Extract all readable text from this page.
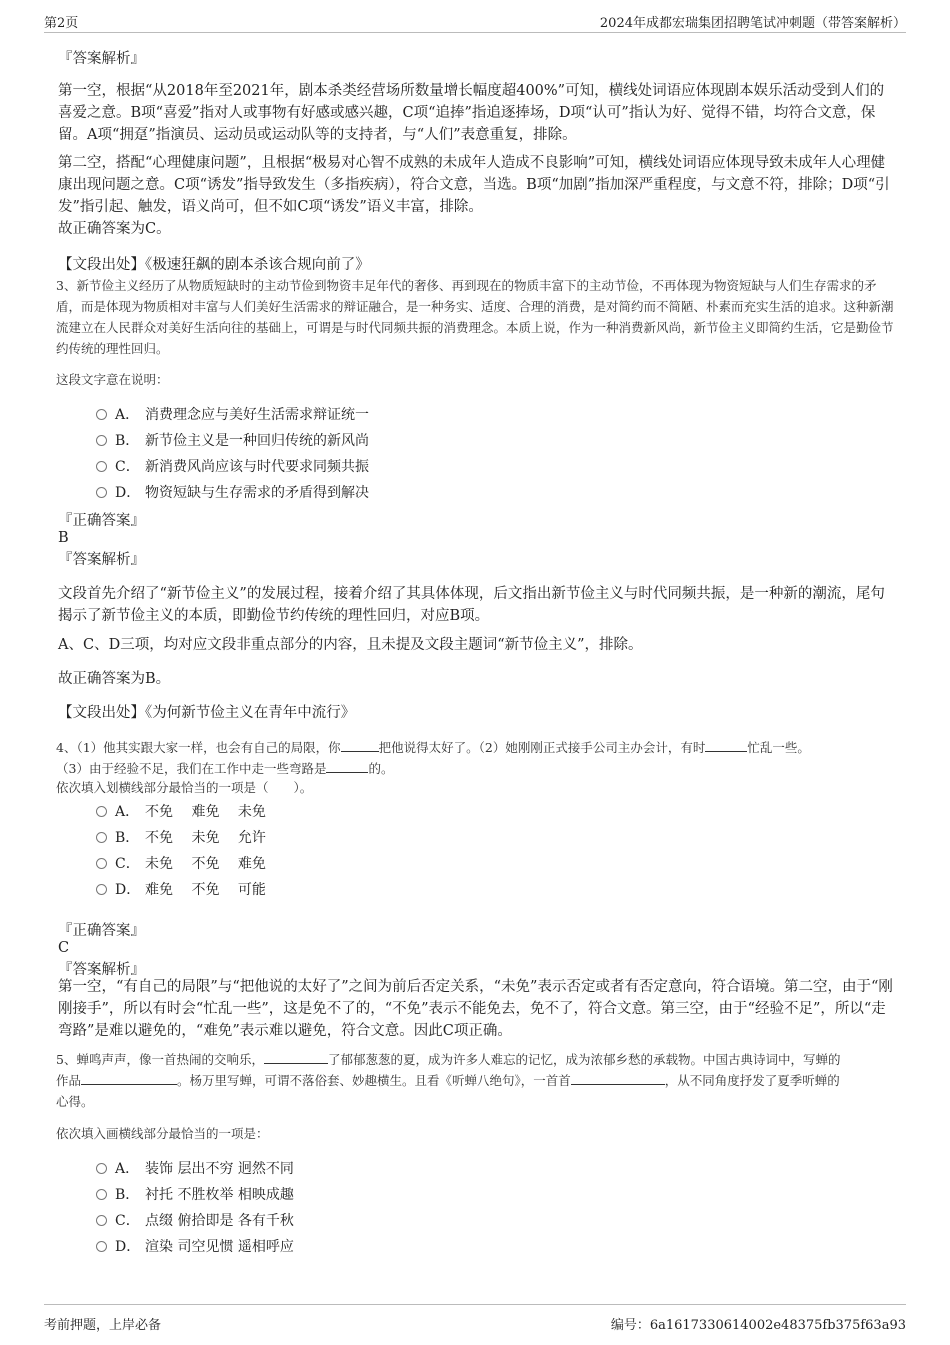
第2页	2024年成都宏瑞集团招聘笔试冲刺题（带答案解析）

『答案解析』

第一空，根据“从2018年至2021年，剧本杀类经营场所数量增长幅度超400%”可知，横线处词语应体现剧本娱乐活动受到人们的喜爱之意。B项“喜爱”指对人或事物有好感或感兴趣，C项“追捧”指追逐捧场，D项“认可”指认为好、觉得不错，均符合文意，保留。A项“拥趸”指演员、运动员或运动队等的支持者，与“人们”表意重复，排除。

第二空，搭配“心理健康问题”，且根据“极易对心智不成熟的未成年人造成不良影响”可知，横线处词语应体现导致未成年人心理健康出现问题之意。C项“诱发”指导致发生（多指疾病），符合文意，当选。B项“加剧”指加深严重程度，与文意不符，排除；D项“引发”指引起、触发，语义尚可，但不如C项“诱发”语义丰富，排除。

故正确答案为C。

【文段出处】《极速狂飙的剧本杀该合规向前了》

3、新节俭主义经历了从物质短缺时的主动节俭到物资丰足年代的奢侈、再到现在的物质丰富下的主动节俭，不再体现为物资短缺与人们生存需求的矛盾，而是体现为物质相对丰富与人们美好生活需求的辩证融合，是一种务实、适度、合理的消费，是对简约而不简陋、朴素而充实生活的追求。这种新潮流建立在人民群众对美好生活向往的基础上，可谓是与时代同频共振的消费理念。本质上说，作为一种消费新风尚，新节俭主义即简约生活，它是勤俭节约传统的理性回归。

这段文字意在说明：

A． 消费理念应与美好生活需求辩证统一
B． 新节俭主义是一种回归传统的新风尚
C． 新消费风尚应该与时代要求同频共振
D． 物资短缺与生存需求的矛盾得到解决

『正确答案』

B

『答案解析』

文段首先介绍了“新节俭主义”的发展过程，接着介绍了其具体体现，后文指出新节俭主义与时代同频共振，是一种新的潮流，尾句揭示了新节俭主义的本质，即勤俭节约传统的理性回归，对应B项。

A、C、D三项，均对应文段非重点部分的内容，且未提及文段主题词“新节俭主义”，排除。

故正确答案为B。

【文段出处】《为何新节俭主义在青年中流行》

4、（1）他其实跟大家一样，也会有自己的局限，你	把他说得太好了。（2）她刚刚正式接手公司主办会计，有时	忙乱一些。
（3）由于经验不足，我们在工作中走一些弯路是	的。

依次填入划横线部分最恰当的一项是（　　）。

A． 不免　 难免　 未免
B． 不免　 未免　 允许
C． 未免　 不免　 难免
D． 难免　 不免　 可能

『正确答案』

C

『答案解析』

第一空，“有自己的局限”与“把他说的太好了”之间为前后否定关系，“未免”表示否定或者有否定意向，符合语境。第二空，由于“刚刚接手”，所以有时会“忙乱一些”，这是免不了的，“不免”表示不能免去，免不了，符合文意。第三空，由于“经验不足”，所以“走弯路”是难以避免的，“难免”表示难以避免，符合文意。因此C项正确。

5、蝉鸣声声，像一首热闹的交响乐，	了郁郁葱葱的夏，成为许多人难忘的记忆，成为浓郁乡愁的承载物。中国古典诗词中，写蝉的
作品	。杨万里写蝉，可谓不落俗套、妙趣横生。且看《听蝉八绝句》，一首首	，从不同角度抒发了夏季听蝉的
心得。

依次填入画横线部分最恰当的一项是：

A． 装饰 层出不穷 迥然不同
B． 衬托 不胜枚举 相映成趣
C． 点缀 俯拾即是 各有千秋
D． 渲染 司空见惯 遥相呼应
考前押题，上岸必备	编号：6a1617330614002e48375fb375f63a93
